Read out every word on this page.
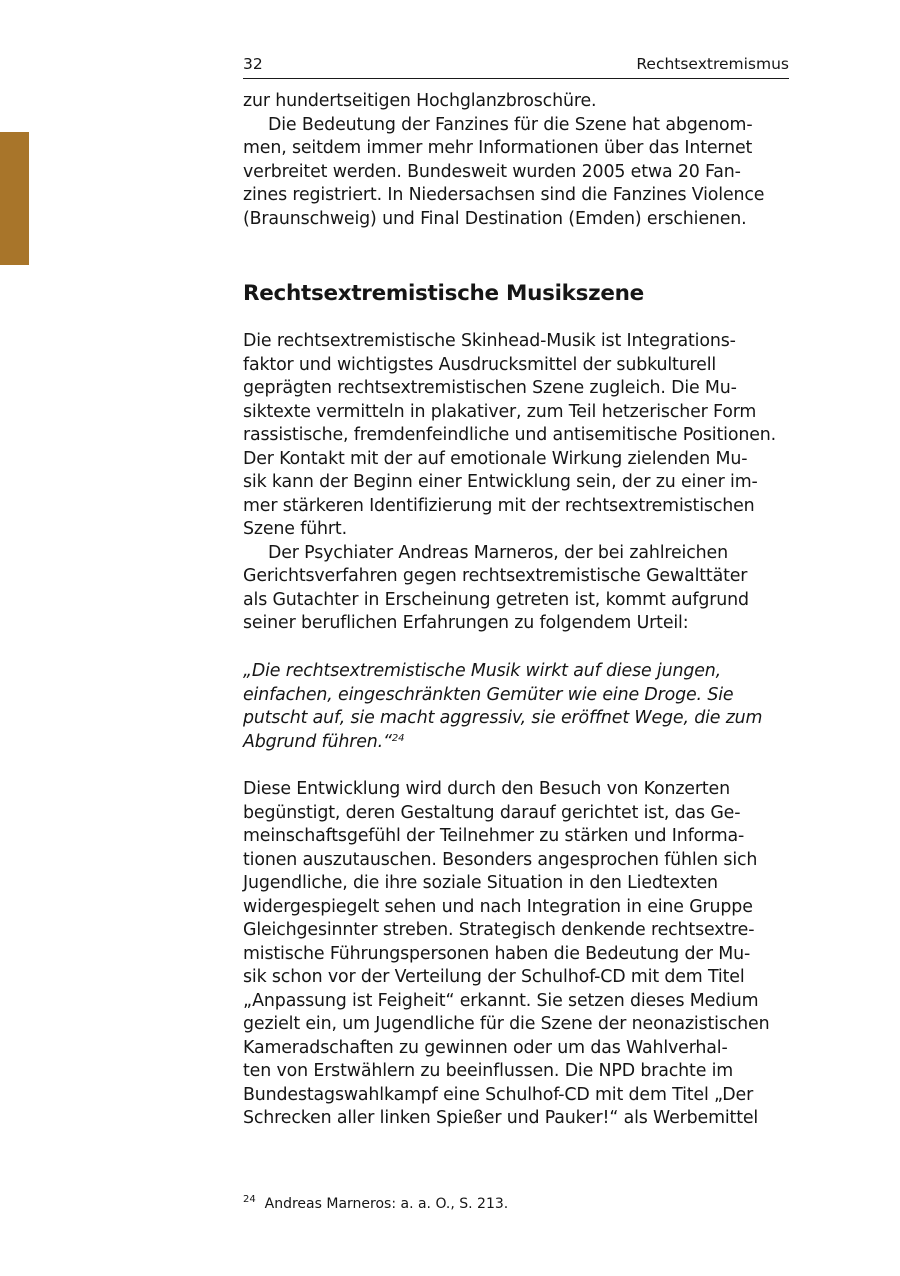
32	Rechtsextremismus

zur hundertseitigen Hochglanzbroschüre.
Die Bedeutung der Fanzines für die Szene hat abgenom-
men, seitdem immer mehr Informationen über das Internet
verbreitet werden. Bundesweit wurden 2005 etwa 20 Fan-
zines registriert. In Niedersachsen sind die Fanzines Violence
(Braunschweig) und Final Destination (Emden) erschienen.

Rechtsextremistische Musikszene

Die rechtsextremistische Skinhead-Musik ist Integrations-
faktor und wichtigstes Ausdrucksmittel der subkulturell
geprägten rechtsextremistischen Szene zugleich. Die Mu-
siktexte vermitteln in plakativer, zum Teil hetzerischer Form
rassistische, fremdenfeindliche und antisemitische Positionen.
Der Kontakt mit der auf emotionale Wirkung zielenden Mu-
sik kann der Beginn einer Entwicklung sein, der zu einer im-
mer stärkeren Identifizierung mit der rechtsextremistischen
Szene führt.
Der Psychiater Andreas Marneros, der bei zahlreichen
Gerichtsverfahren gegen rechtsextremistische Gewalttäter
als Gutachter in Erscheinung getreten ist, kommt aufgrund
seiner beruflichen Erfahrungen zu folgendem Urteil:

„Die rechtsextremistische Musik wirkt auf diese jungen,
einfachen, eingeschränkten Gemüter wie eine Droge. Sie
putscht auf, sie macht aggressiv, sie eröffnet Wege, die zum
Abgrund führen.“$^{24}$

Diese Entwicklung wird durch den Besuch von Konzerten
begünstigt, deren Gestaltung darauf gerichtet ist, das Ge-
meinschaftsgefühl der Teilnehmer zu stärken und Informa-
tionen auszutauschen. Besonders angesprochen fühlen sich
Jugendliche, die ihre soziale Situation in den Liedtexten
widergespiegelt sehen und nach Integration in eine Gruppe
Gleichgesinnter streben. Strategisch denkende rechtsextre-
mistische Führungspersonen haben die Bedeutung der Mu-
sik schon vor der Verteilung der Schulhof-CD mit dem Titel
„Anpassung ist Feigheit“ erkannt. Sie setzen dieses Medium
gezielt ein, um Jugendliche für die Szene der neonazistischen
Kameradschaften zu gewinnen oder um das Wahlverhal-
ten von Erstwählern zu beeinflussen. Die NPD brachte im
Bundestagswahlkampf eine Schulhof-CD mit dem Titel „Der
Schrecken aller linken Spießer und Pauker!“ als Werbemittel

$^{24}$ Andreas Marneros: a. a. O., S. 213.
